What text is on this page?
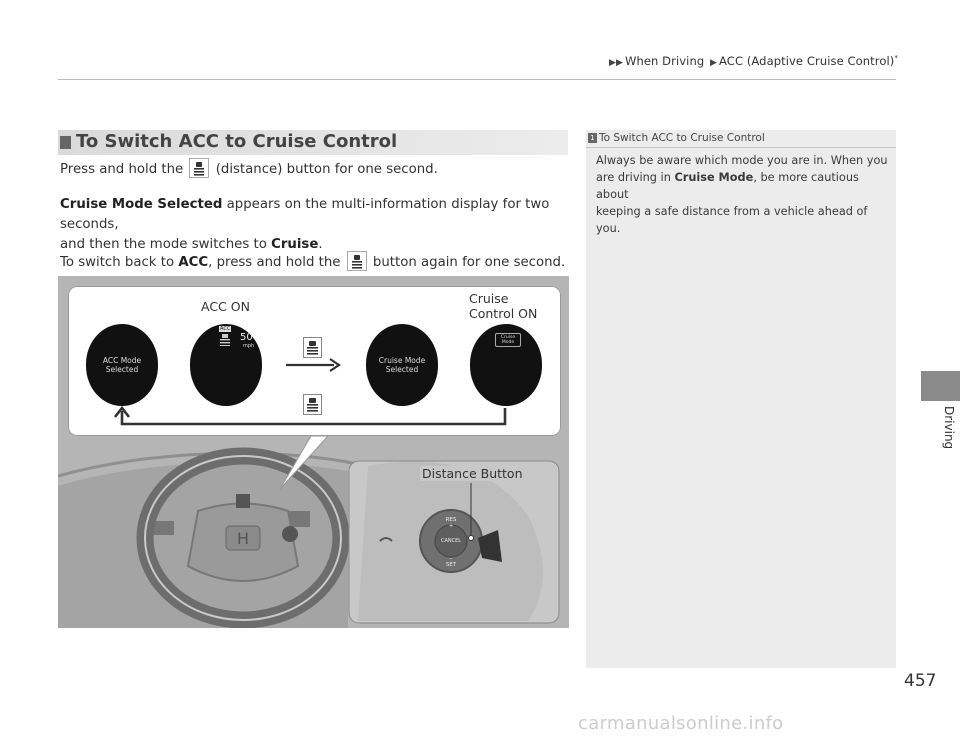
▶▶ When Driving ▶ ACC (Adaptive Cruise Control)*
To Switch ACC to Cruise Control
Press and hold the (distance) button for one second.
Cruise Mode Selected appears on the multi-information display for two seconds,
and then the mode switches to Cruise.
To switch back to ACC, press and hold the button again for one second.
H
RES
+
CANCEL
–
SET
Distance Button
ACC ON
Cruise
Control ON
ACC Mode
Selected
ACC
50
mph
Cruise Mode
Selected
Cruise
Mode
1 To Switch ACC to Cruise Control
Always be aware which mode you are in. When you
are driving in Cruise Mode, be more cautious about
keeping a safe distance from a vehicle ahead of you.
Driving
457
carmanualsonline.info
